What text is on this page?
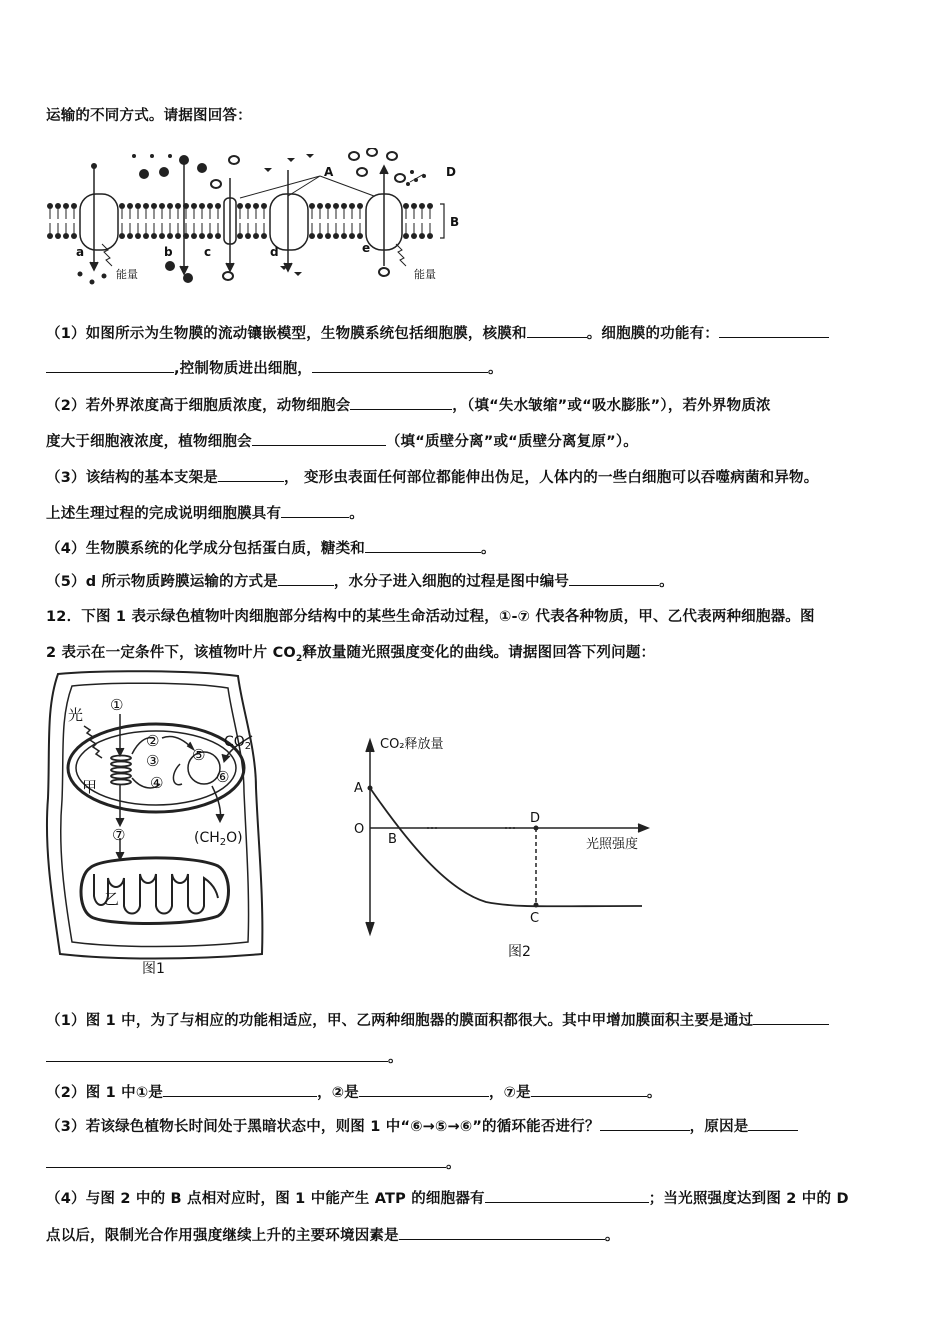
运输的不同方式。请据图回答：
A	D
B
a	b	c	d	e
能量	能量
（1）如图所示为生物膜的流动镶嵌模型，生物膜系统包括细胞膜，核膜和	。细胞膜的功能有：
,控制物质进出细胞，	。
（2）若外界浓度高于细胞质浓度，动物细胞会	，（填“失水皱缩”或“吸水膨胀”），若外界物质浓
度大于细胞液浓度，植物细胞会	（填“质壁分离”或“质壁分离复原”）。
（3）该结构的基本支架是	， 变形虫表面任何部位都能伸出伪足，人体内的一些白细胞可以吞噬病菌和异物。
上述生理过程的完成说明细胞膜具有	。
（4）生物膜系统的化学成分包括蛋白质，糖类和	。
（5）d 所示物质跨膜运输的方式是	，水分子进入细胞的过程是图中编号	。
12．下图 1 表示绿色植物叶肉细胞部分结构中的某些生命活动过程，①-⑦ 代表各种物质，甲、乙代表两种细胞器。图
2 表示在一定条件下，该植物叶片 $CO_2$释放量随光照强度变化的曲线。请据图回答下列问题：
光
①
②
③
④
⑤
⑥
⑦
甲
乙
图1
$CO_2$
$(CH_2O)$
CO₂释放量
光照强度
A
O
B
D
C
图2
（1）图 1 中，为了与相应的功能相适应，甲、乙两种细胞器的膜面积都很大。其中甲增加膜面积主要是通过
。
（2）图 1 中①是	，②是	，⑦是	。
（3）若该绿色植物长时间处于黑暗状态中，则图 1 中“⑥→⑤→⑥”的循环能否进行？	，原因是
。
（4）与图 2 中的 B 点相对应时，图 1 中能产生 ATP 的细胞器有	；当光照强度达到图 2 中的 D
点以后，限制光合作用强度继续上升的主要环境因素是	。
